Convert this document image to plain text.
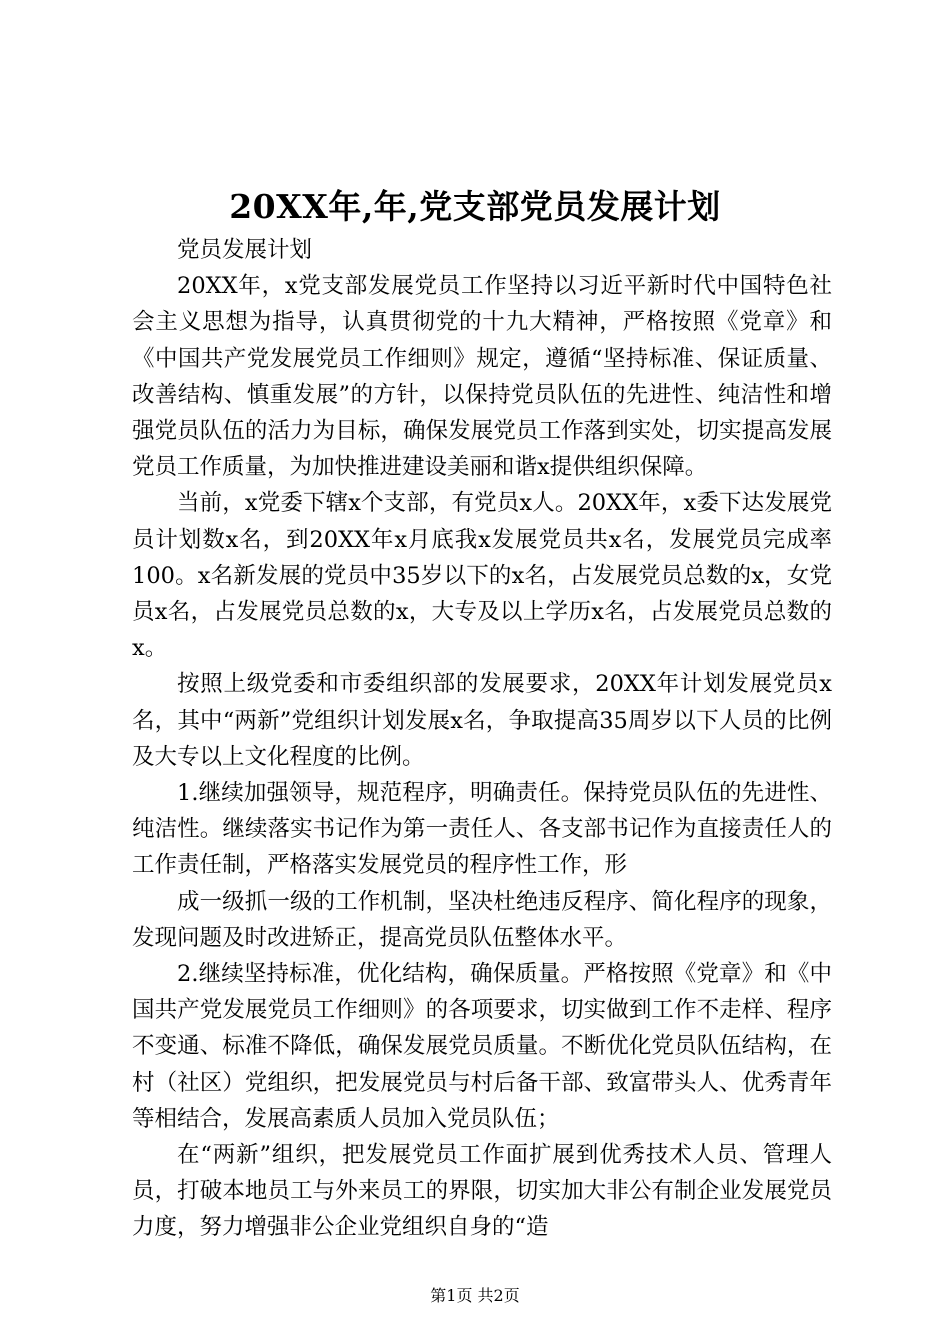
20XX年,年,党支部党员发展计划

党员发展计划

20XX年，x党支部发展党员工作坚持以习近平新时代中国特色社会主义思想为指导，认真贯彻党的十九大精神，严格按照《党章》和《中国共产党发展党员工作细则》规定，遵循“坚持标准、保证质量、改善结构、慎重发展”的方针，以保持党员队伍的先进性、纯洁性和增强党员队伍的活力为目标，确保发展党员工作落到实处，切实提高发展党员工作质量，为加快推进建设美丽和谐x提供组织保障。

当前，x党委下辖x个支部，有党员x人。20XX年，x委下达发展党员计划数x名，到20XX年x月底我x发展党员共x名，发展党员完成率100。x名新发展的党员中35岁以下的x名，占发展党员总数的x，女党员x名，占发展党员总数的x，大专及以上学历x名，占发展党员总数的x。

按照上级党委和市委组织部的发展要求，20XX年计划发展党员x名，其中“两新”党组织计划发展x名，争取提高35周岁以下人员的比例及大专以上文化程度的比例。

1.继续加强领导，规范程序，明确责任。保持党员队伍的先进性、纯洁性。继续落实书记作为第一责任人、各支部书记作为直接责任人的工作责任制，严格落实发展党员的程序性工作，形

成一级抓一级的工作机制，坚决杜绝违反程序、简化程序的现象，发现问题及时改进矫正，提高党员队伍整体水平。

2.继续坚持标准，优化结构，确保质量。严格按照《党章》和《中国共产党发展党员工作细则》的各项要求，切实做到工作不走样、程序不变通、标准不降低，确保发展党员质量。不断优化党员队伍结构，在村（社区）党组织，把发展党员与村后备干部、致富带头人、优秀青年等相结合，发展高素质人员加入党员队伍；

在“两新”组织，把发展党员工作面扩展到优秀技术人员、管理人员，打破本地员工与外来员工的界限，切实加大非公有制企业发展党员力度，努力增强非公企业党组织自身的“造

第1页 共2页
